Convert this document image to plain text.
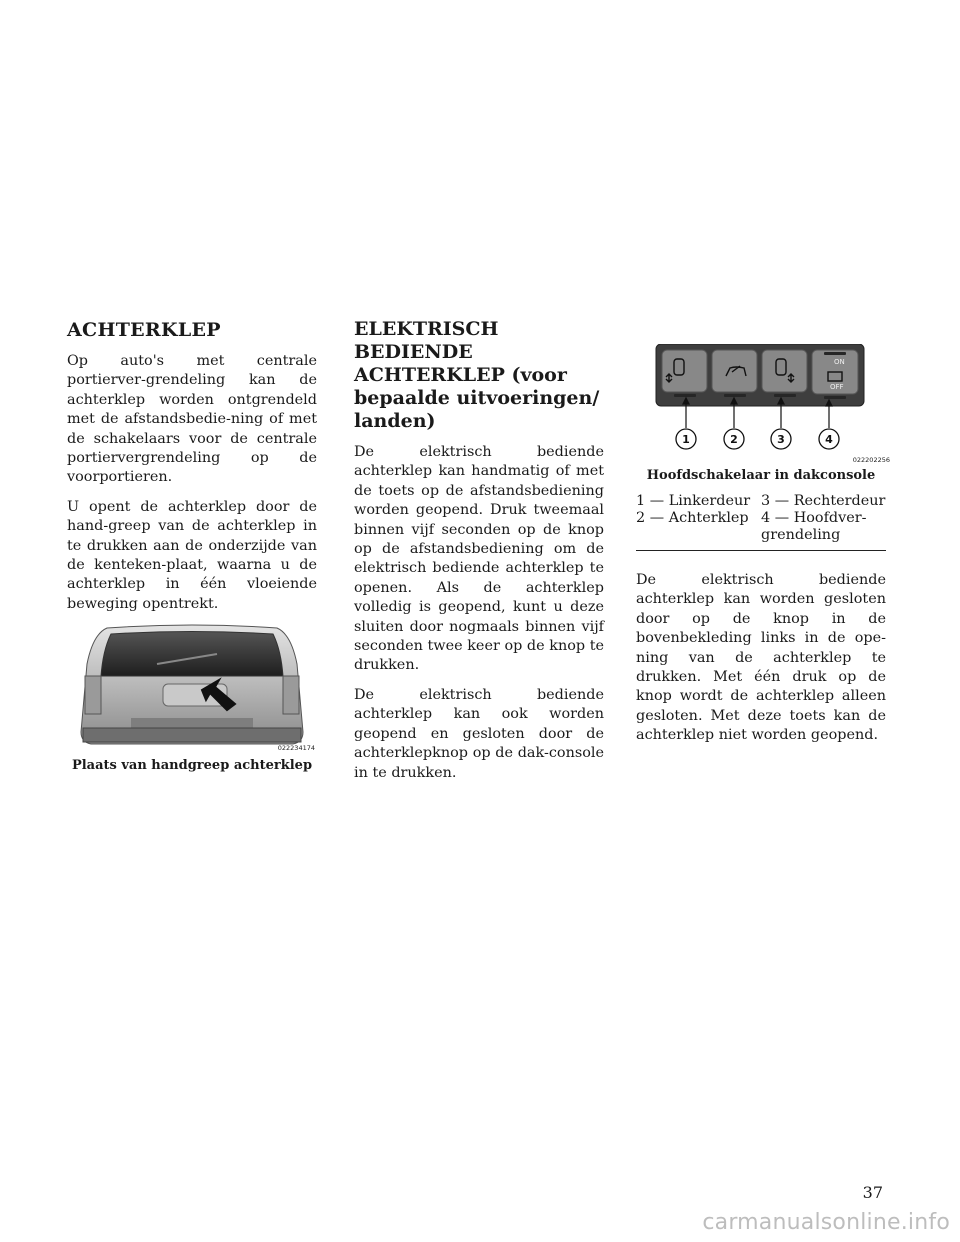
ACHTERKLEP

Op auto's met centrale portierver-grendeling kan de achterklep worden ontgrendeld met de afstandsbedie-ning of met de schakelaars voor de centrale portiervergrendeling op de voorportieren.

U opent de achterklep door de hand-greep van de achterklep in te drukken aan de onderzijde van de kenteken-plaat, waarna u de achterklep in één vloeiende beweging opentrekt.

022234174
Plaats van handgreep achterklep
ELEKTRISCH BEDIENDE ACHTERKLEP (voor bepaalde uitvoeringen/ landen)

De elektrisch bediende achterklep kan handmatig of met de toets op de afstandsbediening worden geopend. Druk tweemaal binnen vijf seconden op de knop op de afstandsbediening om de elektrisch bediende achterklep te openen. Als de achterklep volledig is geopend, kunt u deze sluiten door nogmaals binnen vijf seconden twee keer op de knop te drukken.

De elektrisch bediende achterklep kan ook worden geopend en gesloten door de achterklepknop op de dak-console in te drukken.

ON
OFF
1	2	3	4
022202256
Hoofdschakelaar in dakconsole
1 — Linkerdeur 3 — Rechterdeur
2 — Achterklep 4 — Hoofdver-grendeling

De elektrisch bediende achterklep kan worden gesloten door op de knop in de bovenbekleding links in de ope-ning van de achterklep te drukken. Met één druk op de knop wordt de achterklep alleen gesloten. Met deze toets kan de achterklep niet worden geopend.

37
carmanualsonline.info
